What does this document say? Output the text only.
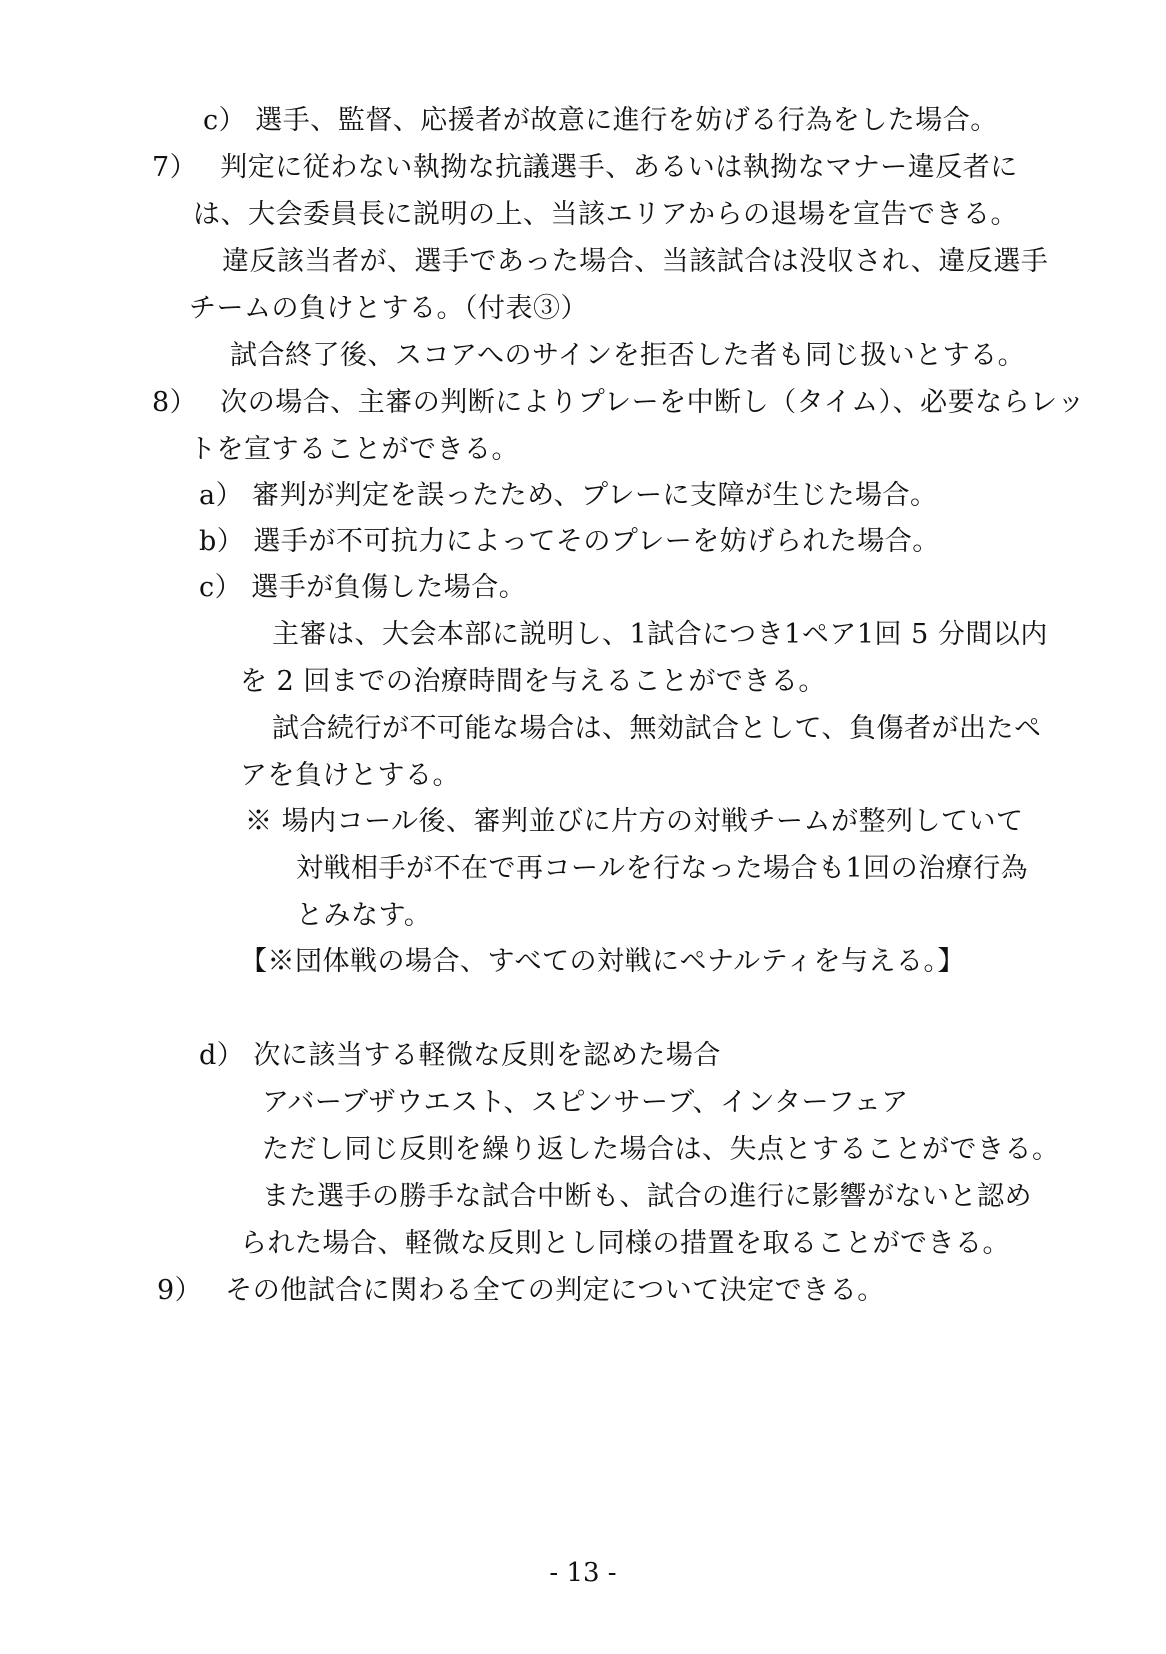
c） 選手、監督、応援者が故意に進行を妨げる行為をした場合。
7）　 判定に従わない執拗な抗議選手、あるいは執拗なマナー違反者に
は、大会委員長に説明の上、当該エリアからの退場を宣告できる。
違反該当者が、選手であった場合、当該試合は没収され、違反選手
チームの負けとする。（付表③）
試合終了後、スコアへのサインを拒否した者も同じ扱いとする。
8）　 次の場合、主審の判断によりプレーを中断し（タイム）、必要ならレッ
トを宣することができる。
a） 審判が判定を誤ったため、プレーに支障が生じた場合。
b） 選手が不可抗力によってそのプレーを妨げられた場合。
c） 選手が負傷した場合。
主審は、大会本部に説明し、1試合につき1ペア1回 5 分間以内
を 2 回までの治療時間を与えることができる。
試合続行が不可能な場合は、無効試合として、負傷者が出たペ
アを負けとする。
※ 場内コール後、審判並びに片方の対戦チームが整列していて
対戦相手が不在で再コールを行なった場合も1回の治療行為
とみなす。
【※団体戦の場合、すべての対戦にペナルティを与える。】
d） 次に該当する軽微な反則を認めた場合
アバーブザウエスト、スピンサーブ、インターフェア
ただし同じ反則を繰り返した場合は、失点とすることができる。
また選手の勝手な試合中断も、試合の進行に影響がないと認め
られた場合、軽微な反則とし同様の措置を取ることができる。
9）　 その他試合に関わる全ての判定について決定できる。
- 13 -
